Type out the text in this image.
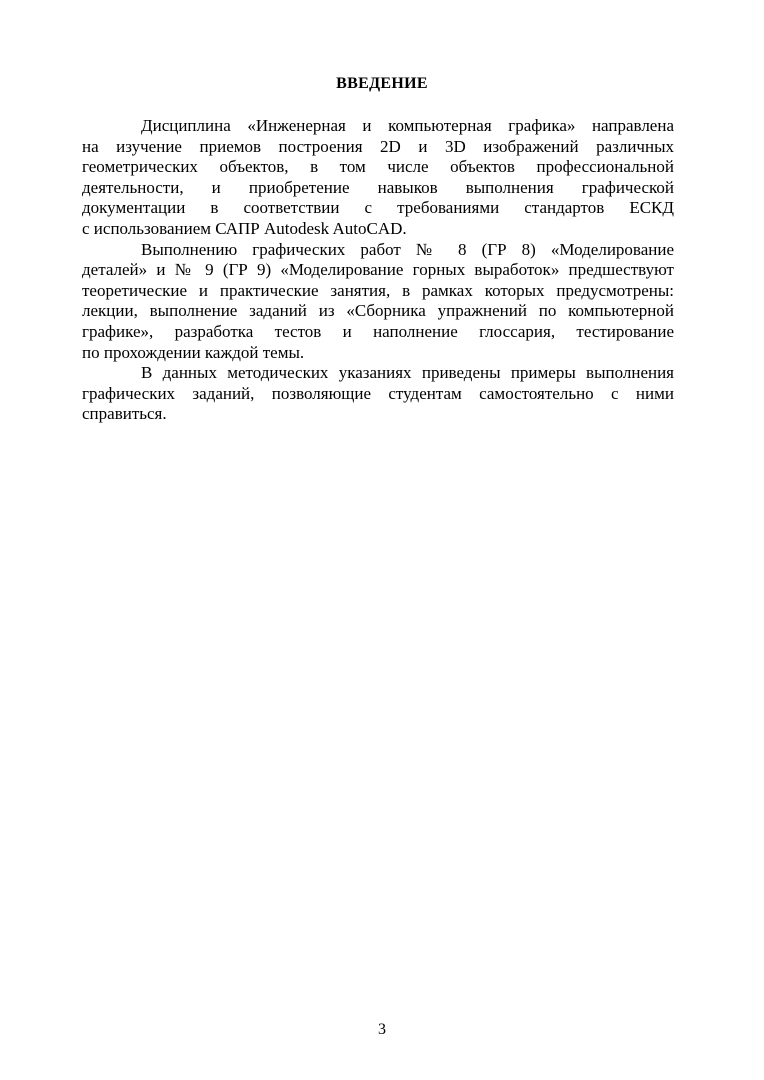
ВВЕДЕНИЕ
Дисциплина «Инженерная и компьютерная графика» направлена
на изучение приемов построения 2D и 3D изображений различных
геометрических объектов, в том числе объектов профессиональной
деятельности, и приобретение навыков выполнения графической
документации в соответствии с требованиями стандартов ЕСКД
с использованием САПР Autodesk AutoCAD.
Выполнению графических работ № 8 (ГР 8) «Моделирование
деталей» и № 9 (ГР 9) «Моделирование горных выработок» предшествуют
теоретические и практические занятия, в рамках которых предусмотрены:
лекции, выполнение заданий из «Сборника упражнений по компьютерной
графике», разработка тестов и наполнение глоссария, тестирование
по прохождении каждой темы.
В данных методических указаниях приведены примеры выполнения
графических заданий, позволяющие студентам самостоятельно с ними
справиться.
3
